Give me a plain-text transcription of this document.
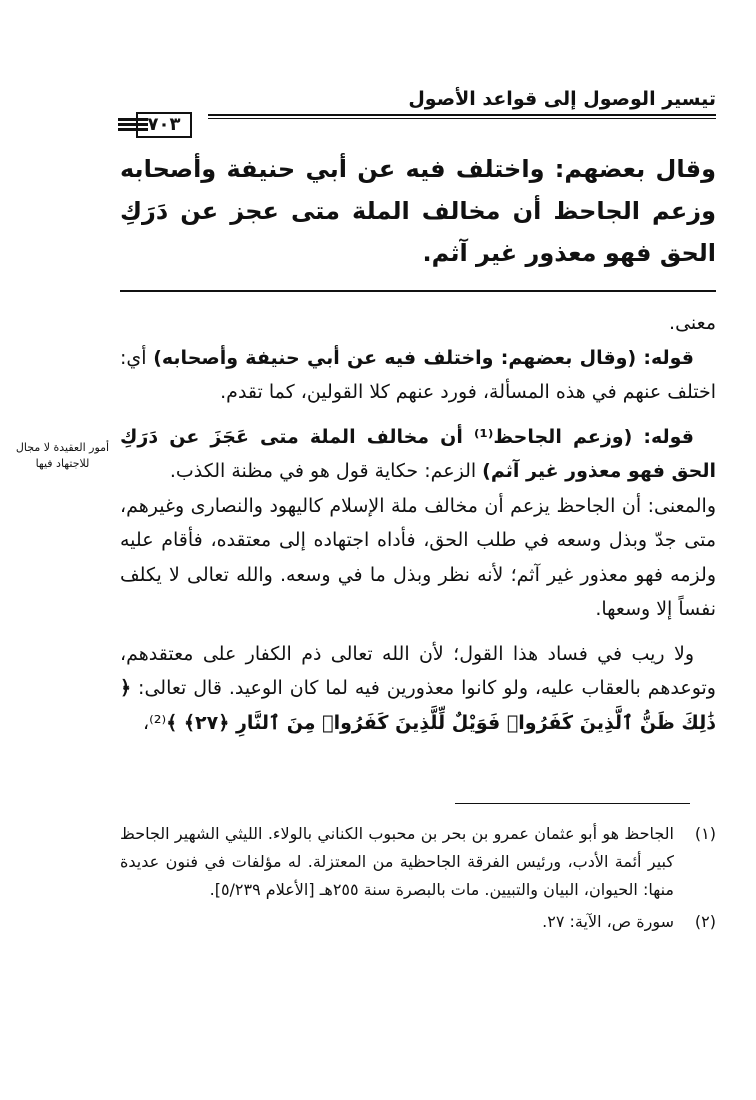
تيسير الوصول إلى قواعد الأصول
٧٠٣
وقال بعضهم: واختلف فيه عن أبي حنيفة وأصحابه وزعم الجاحظ أن مخالف الملة متى عجز عن دَرَكِ الحق فهو معذور غير آثم.

معنى.

قوله: (وقال بعضهم: واختلف فيه عن أبي حنيفة وأصحابه) أي: اختلف عنهم في هذه المسألة، فورد عنهم كلا القولين، كما تقدم.

قوله: (وزعم الجاحظ⁽¹⁾ أن مخالف الملة متى عَجَزَ عن دَرَكِ الحق فهو معذور غير آثم) الزعم: حكاية قول هو في مظنة الكذب.

والمعنى: أن الجاحظ يزعم أن مخالف ملة الإسلام كاليهود والنصارى وغيرهم، متى جدّ وبذل وسعه في طلب الحق، فأداه اجتهاده إلى معتقده، فأقام عليه ولزمه فهو معذور غير آثم؛ لأنه نظر وبذل ما في وسعه. والله تعالى لا يكلف نفساً إلا وسعها.

ولا ريب في فساد هذا القول؛ لأن الله تعالى ذم الكفار على معتقدهم، وتوعدهم بالعقاب عليه، ولو كانوا معذورين فيه لما كان الوعيد. قال تعالى: ﴿ ذَٰلِكَ ظَنُّ ٱلَّذِينَ كَفَرُوا۟ فَوَيْلٌ لِّلَّذِينَ كَفَرُوا۟ مِنَ ٱلنَّارِ ﴿٢٧﴾ ﴾⁽²⁾،

أمور العقيدة لا مجال للاجتهاد فيها
(١)
الجاحظ هو أبو عثمان عمرو بن بحر بن محبوب الكناني بالولاء. الليثي الشهير الجاحظ كبير أئمة الأدب، ورئيس الفرقة الجاحظية من المعتزلة. له مؤلفات في فنون عديدة منها: الحيوان، البيان والتبيين. مات بالبصرة سنة ٢٥٥هـ [الأعلام ٥/٢٣٩].
(٢)
سورة ص، الآية: ٢٧.
